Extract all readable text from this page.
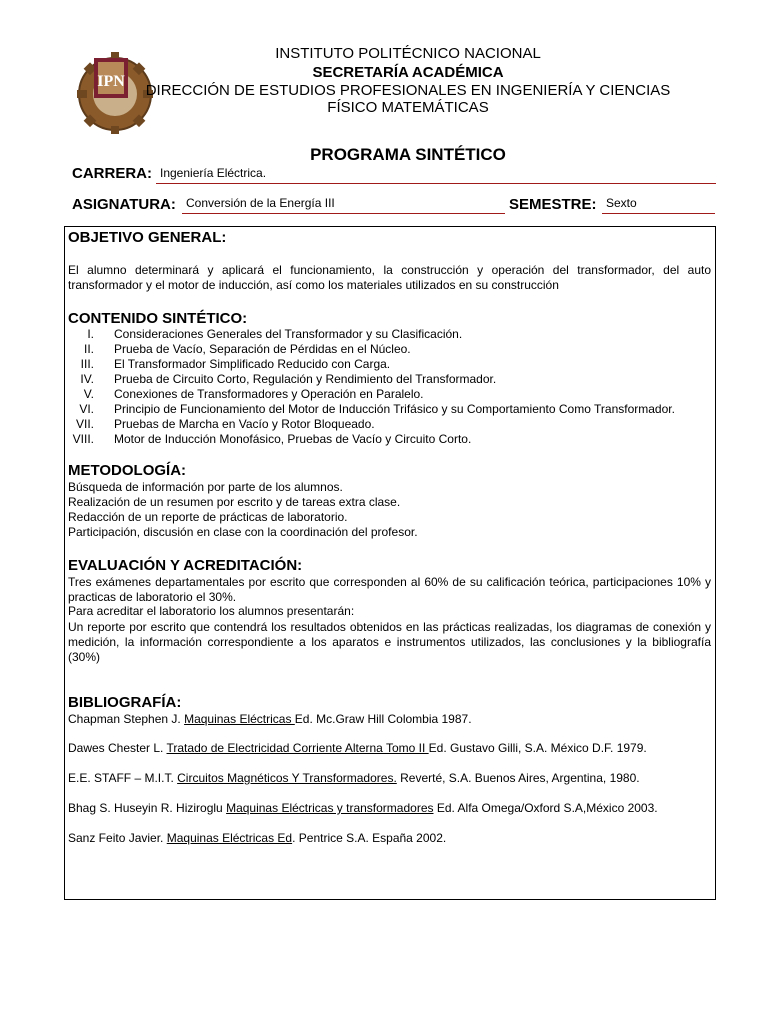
IPN
INSTITUTO POLITÉCNICO NACIONAL
SECRETARÍA ACADÉMICA
DIRECCIÓN DE ESTUDIOS PROFESIONALES EN INGENIERÍA Y CIENCIAS
FÍSICO MATEMÁTICAS
PROGRAMA SINTÉTICO
CARRERA: Ingeniería Eléctrica.
ASIGNATURA: Conversión de la Energía III	SEMESTRE: Sexto
OBJETIVO GENERAL:
El alumno determinará y aplicará el funcionamiento, la construcción y operación del transformador, del auto transformador y el motor de inducción, así como los materiales utilizados en su construcción
CONTENIDO SINTÉTICO:
I. Consideraciones Generales del Transformador y su Clasificación.
II. Prueba de Vacío, Separación de Pérdidas en el Núcleo.
III. El Transformador Simplificado Reducido con Carga.
IV. Prueba de Circuito Corto, Regulación y Rendimiento del Transformador.
V. Conexiones de Transformadores y Operación en Paralelo.
VI. Principio de Funcionamiento del Motor de Inducción Trifásico y su Comportamiento Como Transformador.
VII. Pruebas de Marcha en Vacío y Rotor Bloqueado.
VIII. Motor de Inducción Monofásico, Pruebas de Vacío y Circuito Corto.
METODOLOGÍA:
Búsqueda de información por parte de los alumnos.
Realización de un resumen por escrito y de tareas extra clase.
Redacción de un reporte de prácticas de laboratorio.
Participación, discusión en clase con la coordinación del profesor.
EVALUACIÓN Y ACREDITACIÓN:
Tres exámenes departamentales por escrito que corresponden al 60% de su calificación teórica, participaciones 10% y practicas de laboratorio el 30%.
Para acreditar el laboratorio los alumnos presentarán:
Un reporte por escrito que contendrá los resultados obtenidos en las prácticas realizadas, los diagramas de conexión y medición, la información correspondiente a los aparatos e instrumentos utilizados, las conclusiones y la bibliografía (30%)
BIBLIOGRAFÍA:
Chapman Stephen J. Maquinas Eléctricas Ed. Mc.Graw Hill Colombia 1987.
Dawes Chester L. Tratado de Electricidad Corriente Alterna Tomo II Ed. Gustavo Gilli, S.A. México D.F. 1979.
E.E. STAFF – M.I.T. Circuitos Magnéticos Y Transformadores. Reverté, S.A. Buenos Aires, Argentina, 1980.
Bhag S. Huseyin R. Hiziroglu Maquinas Eléctricas y transformadores Ed. Alfa Omega/Oxford S.A,México 2003.
Sanz Feito Javier. Maquinas Eléctricas Ed. Pentrice S.A. España 2002.
